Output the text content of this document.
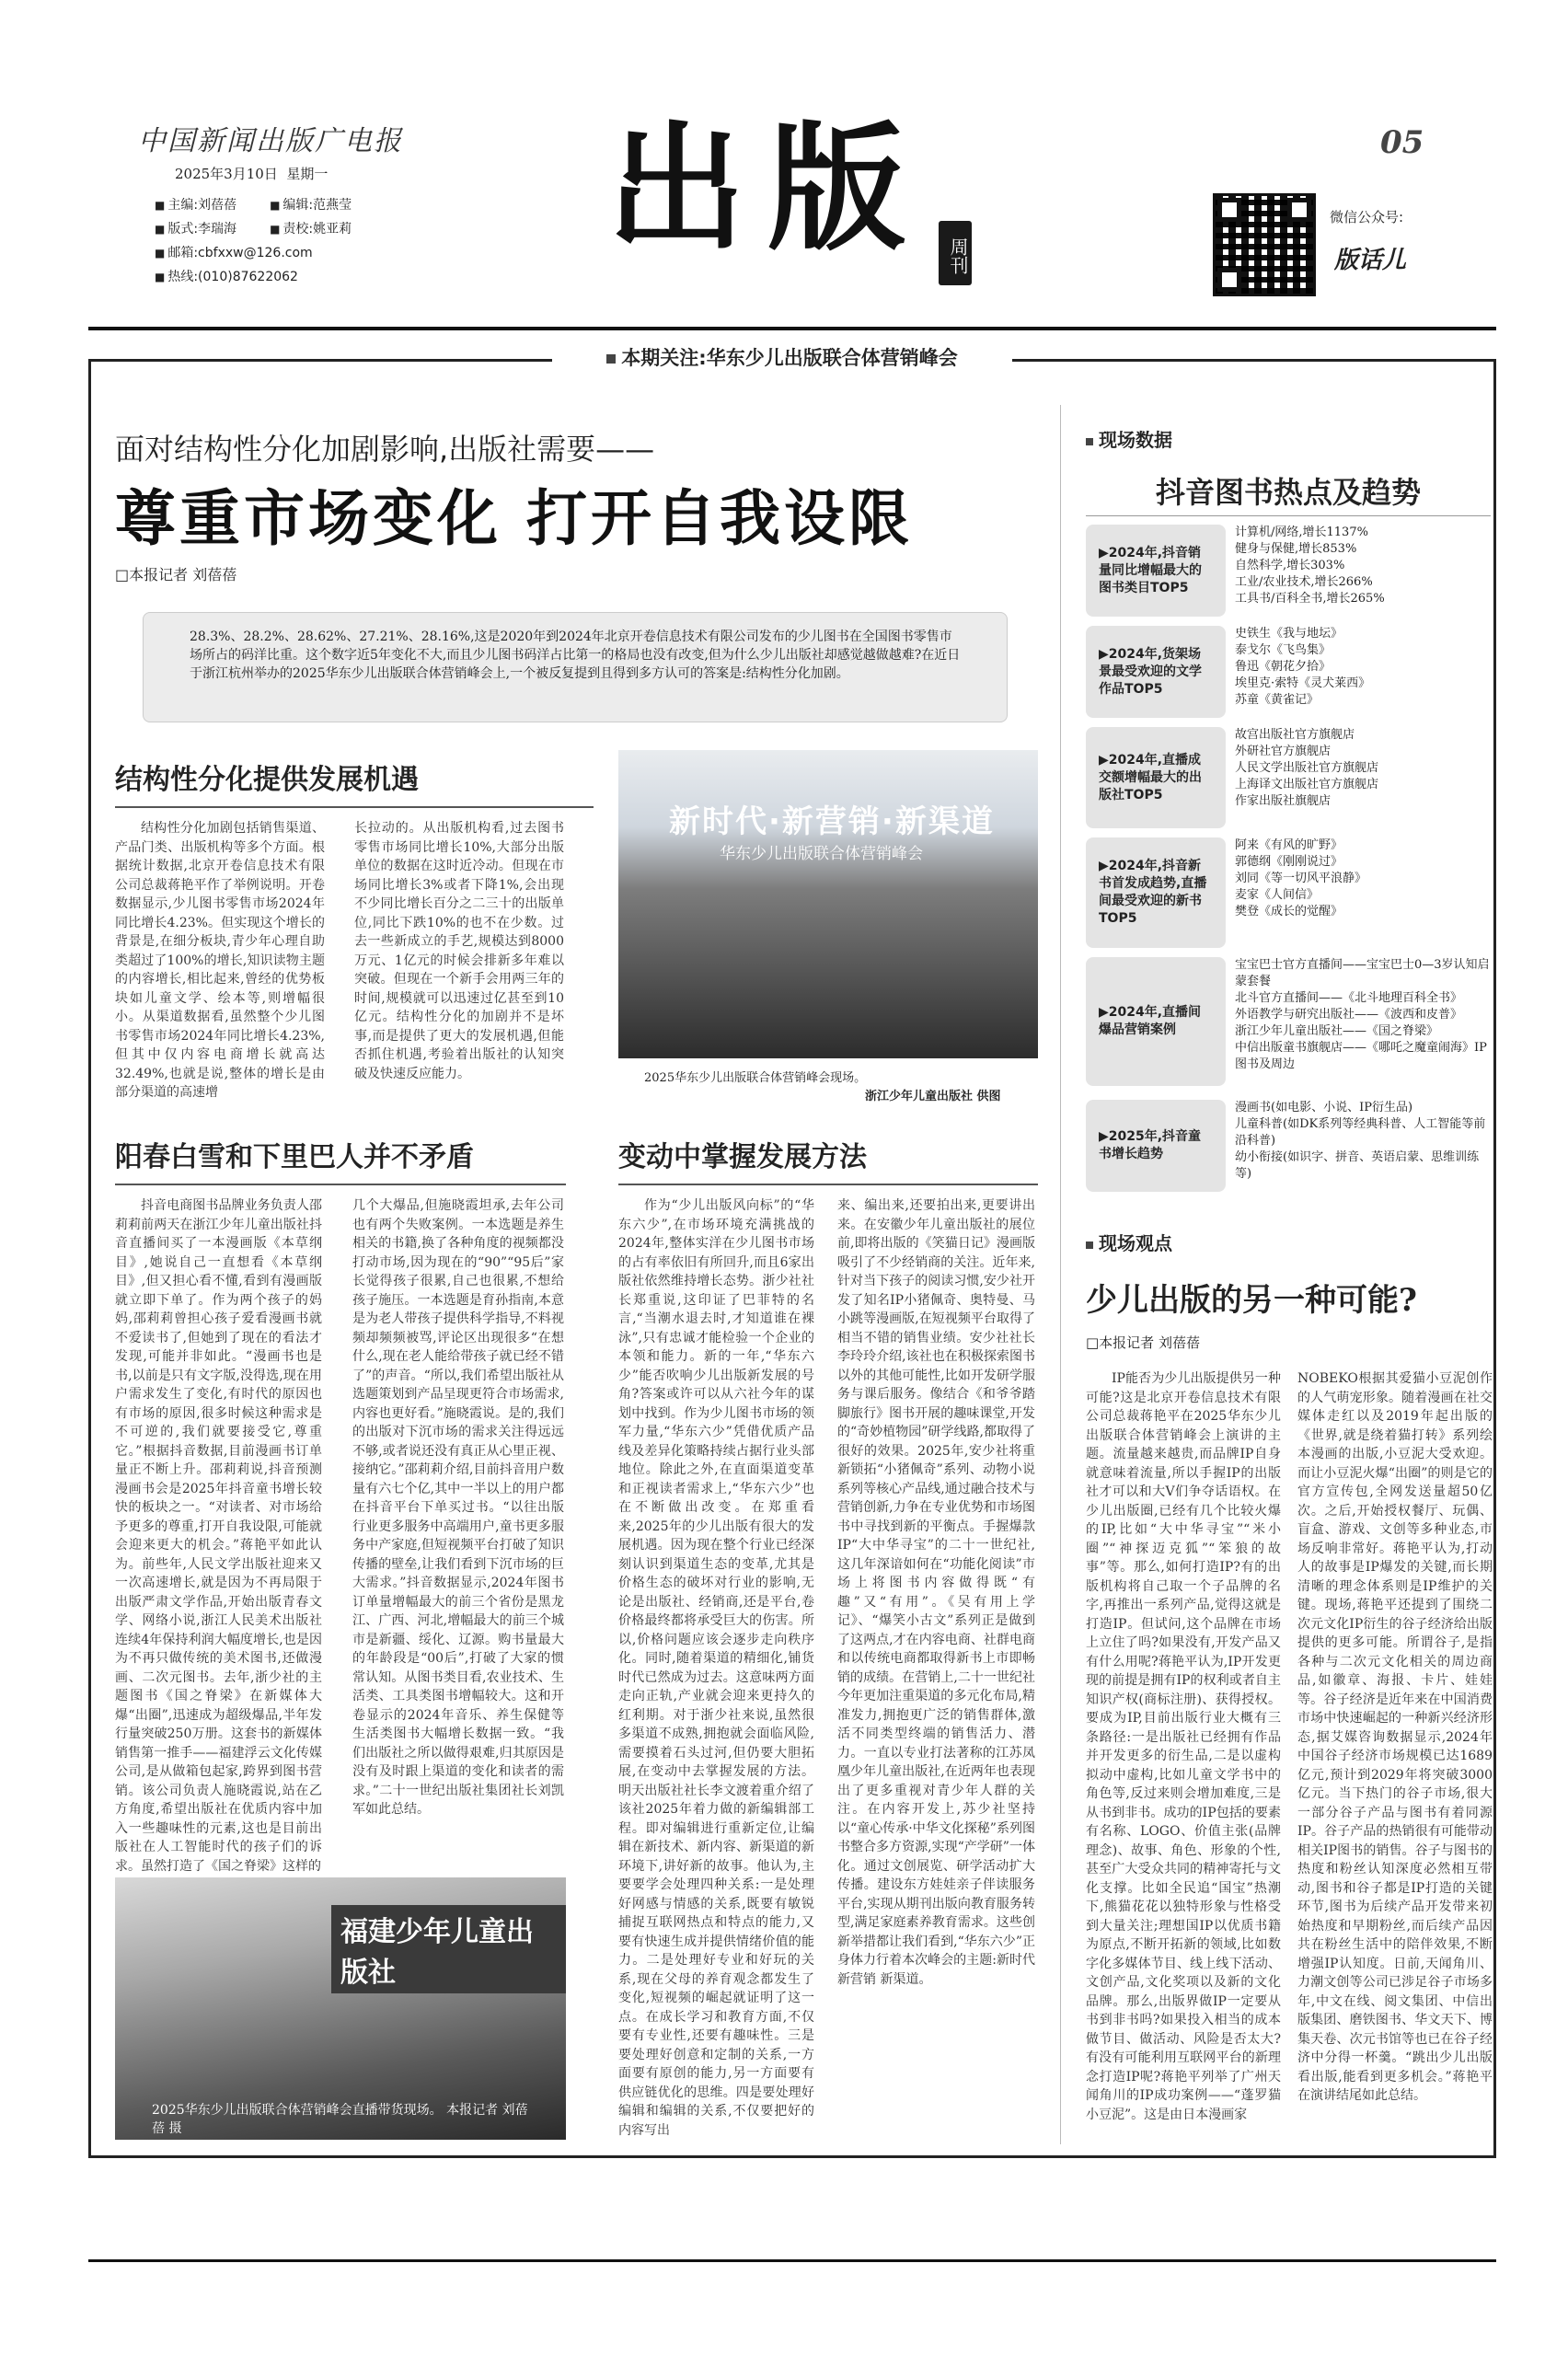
中国新闻出版广电报
2025年3月10日 星期一
■ 主编:刘蓓蓓	■ 编辑:范燕莹
■ 版式:李瑞海	■ 责校:姚亚莉
■ 邮箱:cbfxxw@126.com
■ 热线:(010)87622062
出版	周刊
05
微信公众号:
版话儿
本期关注:华东少儿出版联合体营销峰会
面对结构性分化加剧影响,出版社需要——
尊重市场变化 打开自我设限
□本报记者 刘蓓蓓
28.3%、28.2%、28.62%、27.21%、28.16%,这是2020年到2024年北京开卷信息技术有限公司发布的少儿图书在全国图书零售市场所占的码洋比重。这个数字近5年变化不大,而且少儿图书码洋占比第一的格局也没有改变,但为什么少儿出版社却感觉越做越难?在近日于浙江杭州举办的2025华东少儿出版联合体营销峰会上,一个被反复提到且得到多方认可的答案是:结构性分化加剧。
结构性分化提供发展机遇
结构性分化加剧包括销售渠道、产品门类、出版机构等多个方面。根据统计数据,北京开卷信息技术有限公司总裁蒋艳平作了举例说明。开卷数据显示,少儿图书零售市场2024年同比增长4.23%。但实现这个增长的背景是,在细分板块,青少年心理自助类超过了100%的增长,知识读物主题的内容增长,相比起来,曾经的优势板块如儿童文学、绘本等,则增幅很小。从渠道数据看,虽然整个少儿图书零售市场2024年同比增长4.23%,但其中仅内容电商增长就高达32.49%,也就是说,整体的增长是由部分渠道的高速增
长拉动的。从出版机构看,过去图书零售市场同比增长10%,大部分出版单位的数据在这时近冷动。但现在市场同比增长3%或者下降1%,会出现不少同比增长百分之二三十的出版单位,同比下跌10%的也不在少数。过去一些新成立的手艺,规模达到8000万元、1亿元的时候会排新多年难以突破。但现在一个新手会用两三年的时间,规模就可以迅速过亿甚至到10亿元。结构性分化的加剧并不是坏事,而是提供了更大的发展机遇,但能否抓住机遇,考验着出版社的认知突破及快速反应能力。
新时代·新营销·新渠道
华东少儿出版联合体营销峰会
2025华东少儿出版联合体营销峰会现场。
浙江少年儿童出版社 供图
阳春白雪和下里巴人并不矛盾
抖音电商图书品牌业务负责人邵莉莉前两天在浙江少年儿童出版社抖音直播间买了一本漫画版《本草纲目》,她说自己一直想看《本草纲目》,但又担心看不懂,看到有漫画版就立即下单了。作为两个孩子的妈妈,邵莉莉曾担心孩子爱看漫画书就不爱读书了,但她到了现在的看法才发现,可能并非如此。“漫画书也是书,以前是只有文字版,没得选,现在用户需求发生了变化,有时代的原因也有市场的原因,很多时候这种需求是不可逆的,我们就要接受它,尊重它。”根据抖音数据,目前漫画书订单量正不断上升。邵莉莉说,抖音预测漫画书会是2025年抖音童书增长较快的板块之一。“对读者、对市场给予更多的尊重,打开自我设限,可能就会迎来更大的机会。”蒋艳平如此认为。前些年,人民文学出版社迎来又一次高速增长,就是因为不再局限于出版严肃文学作品,开始出版青春文学、网络小说,浙江人民美术出版社连续4年保持利润大幅度增长,也是因为不再只做传统的美术图书,还做漫画、二次元图书。去年,浙少社的主题图书《国之脊梁》在新媒体大爆“出圈”,迅速成为超级爆品,半年发行量突破250万册。这套书的新媒体销售第一推手——福建浮云文化传媒公司,是从做箱包起家,跨界到图书营销。该公司负责人施晓霞说,站在乙方角度,希望出版社在优质内容中加入一些趣味性的元素,这也是目前出版社在人工智能时代的孩子们的诉求。虽然打造了《国之脊梁》这样的
几个大爆品,但施晓霞坦承,去年公司也有两个失败案例。一本选题是养生相关的书籍,换了各种角度的视频都没打动市场,因为现在的“90”“95后”家长觉得孩子很累,自己也很累,不想给孩子施压。一本选题是育孙指南,本意是为老人带孩子提供科学指导,不料视频却频频被骂,评论区出现很多“在想什么,现在老人能给带孩子就已经不错了”的声音。“所以,我们希望出版社从选题策划到产品呈现更符合市场需求,内容也更好看。”施晓霞说。是的,我们的出版对下沉市场的需求关注得远远不够,或者说还没有真正从心里正视、接纳它。”邵莉莉介绍,目前抖音用户数量有六七个亿,其中一半以上的用户都在抖音平台下单买过书。“以往出版行业更多服务中高端用户,童书更多服务中产家庭,但短视频平台打破了知识传播的壁垒,让我们看到下沉市场的巨大需求。”抖音数据显示,2024年图书订单量增幅最大的前三个省份是黑龙江、广西、河北,增幅最大的前三个城市是新疆、绥化、辽源。购书量最大的年龄段是“00后”,打破了大家的惯常认知。从图书类目看,农业技术、生活类、工具类图书增幅较大。这和开卷显示的2024年音乐、养生保健等生活类图书大幅增长数据一致。“我们出版社之所以做得艰难,归其原因是没有及时跟上渠道的变化和读者的需求。”二十一世纪出版社集团社长刘凯军如此总结。
福建少年儿童出版社
2025华东少儿出版联合体营销峰会直播带货现场。 本报记者 刘蓓蓓 摄
变动中掌握发展方法
作为“少儿出版风向标”的“华东六少”,在市场环境充满挑战的2024年,整体实洋在少儿图书市场的占有率依旧有所回升,而且6家出版社依然维持增长态势。浙少社社长郑重说,这印证了巴菲特的名言,“当潮水退去时,才知道谁在裸泳”,只有忠诚才能检验一个企业的本领和能力。新的一年,“华东六少”能否吹响少儿出版新发展的号角?答案或许可以从六社今年的谋划中找到。作为少儿图书市场的领军力量,“华东六少”凭借优质产品线及差异化策略持续占据行业头部地位。除此之外,在直面渠道变革和正视读者需求上,“华东六少”也在不断做出改变。在郑重看来,2025年的少儿出版有很大的发展机遇。因为现在整个行业已经深刻认识到渠道生态的变革,尤其是价格生态的破坏对行业的影响,无论是出版社、经销商,还是平台,卷价格最终都将承受巨大的伤害。所以,价格问题应该会逐步走向秩序化。同时,随着渠道的精细化,铺货时代已然成为过去。这意味两方面走向正轨,产业就会迎来更持久的红利期。对于浙少社来说,虽然很多渠道不成熟,拥抱就会面临风险,需要摸着石头过河,但仍要大胆拓展,在变动中去掌握发展的方法。明天出版社社长李文渡着重介绍了该社2025年着力做的新编辑部工程。即对编辑进行重新定位,让编辑在新技术、新内容、新渠道的新环境下,讲好新的故事。他认为,主要要学会处理四种关系:一是处理好网感与情感的关系,既要有敏锐捕捉互联网热点和特点的能力,又要有快速生成并提供情绪价值的能力。二是处理好专业和好玩的关系,现在父母的养育观念都发生了变化,短视频的崛起就证明了这一点。在成长学习和教育方面,不仅要有专业性,还要有趣味性。三是要处理好创意和定制的关系,一方面要有原创的能力,另一方面要有供应链优化的思维。四是要处理好编辑和编辑的关系,不仅要把好的内容写出
来、编出来,还要拍出来,更要讲出来。在安徽少年儿童出版社的展位前,即将出版的《笑猫日记》漫画版吸引了不少经销商的关注。近年来,针对当下孩子的阅读习惯,安少社开发了知名IP小猪佩奇、奥特曼、马小跳等漫画版,在短视频平台取得了相当不错的销售业绩。安少社社长李玲玲介绍,该社也在积极探索图书以外的其他可能性,比如开发研学服务与课后服务。像结合《和爷爷踏脚旅行》图书开展的趣味课堂,开发的“奇妙植物园”研学线路,都取得了很好的效果。2025年,安少社将重新锁拓“小猪佩奇”系列、动物小说系列等核心产品线,通过融合技术与营销创新,力争在专业优势和市场图书中寻找到新的平衡点。手握爆款IP“大中华寻宝”的二十一世纪社,这几年深谙如何在“功能化阅读”市场上将图书内容做得既“有趣”又“有用”。《吴有用上学记》、“爆笑小古文”系列正是做到了这两点,才在内容电商、社群电商和以传统电商都取得新书上市即畅销的成绩。在营销上,二十一世纪社今年更加注重渠道的多元化布局,精准发力,拥抱更广泛的销售群体,激活不同类型终端的销售活力、潜力。一直以专业打法著称的江苏凤凰少年儿童出版社,在近两年也表现出了更多重视对青少年人群的关注。在内容开发上,苏少社坚持以“童心传承·中华文化探秘”系列图书整合多方资源,实现“产学研”一体化。通过文创展览、研学活动扩大传播。建设东方娃娃亲子伴读服务平台,实现从期刊出版向教育服务转型,满足家庭素养教育需求。这些创新举措都让我们看到,“华东六少”正身体力行着本次峰会的主题:新时代新营销 新渠道。
现场数据
抖音图书热点及趋势
▶2024年,抖音销量同比增幅最大的图书类目TOP5
计算机/网络,增长1137%
健身与保健,增长853%
自然科学,增长303%
工业/农业技术,增长266%
工具书/百科全书,增长265%
▶2024年,货架场景最受欢迎的文学作品TOP5
史铁生《我与地坛》
泰戈尔《飞鸟集》
鲁迅《朝花夕拾》
埃里克·索特《灵犬莱西》
苏童《黄雀记》
▶2024年,直播成交额增幅最大的出版社TOP5
故宫出版社官方旗舰店
外研社官方旗舰店
人民文学出版社官方旗舰店
上海译文出版社官方旗舰店
作家出版社旗舰店
▶2024年,抖音新书首发成趋势,直播间最受欢迎的新书TOP5
阿来《有风的旷野》
郭德纲《刚刚说过》
刘同《等一切风平浪静》
麦家《人间信》
樊登《成长的觉醒》
▶2024年,直播间爆品营销案例
宝宝巴士官方直播间——宝宝巴士0—3岁认知启蒙套餐
北斗官方直播间——《北斗地理百科全书》
外语教学与研究出版社——《波西和皮普》
浙江少年儿童出版社——《国之脊梁》
中信出版童书旗舰店——《哪吒之魔童闹海》IP图书及周边
▶2025年,抖音童书增长趋势
漫画书(如电影、小说、IP衍生品)
儿童科普(如DK系列等经典科普、人工智能等前沿科普)
幼小衔接(如识字、拼音、英语启蒙、思维训练等)
现场观点
少儿出版的另一种可能?
□本报记者 刘蓓蓓
IP能否为少儿出版提供另一种可能?这是北京开卷信息技术有限公司总裁蒋艳平在2025华东少儿出版联合体营销峰会上演讲的主题。流量越来越贵,而品牌IP自身就意味着流量,所以手握IP的出版社才可以和大V们争夺话语权。在少儿出版圈,已经有几个比较火爆的IP,比如“大中华寻宝”“米小圈”“神探迈克狐”“笨狼的故事”等。那么,如何打造IP?有的出版机构将自己取一个子品牌的名字,再推出一系列产品,觉得这就是打造IP。但试问,这个品牌在市场上立住了吗?如果没有,开发产品又有什么用呢?蒋艳平认为,IP开发更现的前提是拥有IP的权利或者自主知识产权(商标注册)、获得授权。要成为IP,目前出版行业大概有三条路径:一是出版社已经拥有作品并开发更多的衍生品,二是以虚构拟动中虚构,比如儿童文学书中的角色等,反过来则会增加难度,三是从书到非书。成功的IP包括的要素有名称、LOGO、价值主张(品牌理念)、故事、角色、形象的个性,甚至广大受众共同的精神寄托与文化支撑。比如全民追“国宝”热潮下,熊猫花花以独特形象与性格受到大量关注;理想国IP以优质书籍为原点,不断开拓新的领域,比如数字化多媒体节目、线上线下活动、文创产品,文化奖项以及新的文化品牌。那么,出版界做IP一定要从书到非书吗?如果投入相当的成本做节目、做活动、风险是否太大?有没有可能利用互联网平台的新理念打造IP呢?蒋艳平列举了广州天闻角川的IP成功案例——“蓬罗猫小豆泥”。这是由日本漫画家
NOBEKO根据其爱猫小豆泥创作的人气萌宠形象。随着漫画在社交媒体走红以及2019年起出版的《世界,就是绕着猫打转》系列绘本漫画的出版,小豆泥大受欢迎。而让小豆泥火爆“出圈”的则是它的官方宣传包,全网发送量超50亿次。之后,开始授权餐厅、玩偶、盲盒、游戏、文创等多种业态,市场反响非常好。蒋艳平认为,打动人的故事是IP爆发的关键,而长期清晰的理念体系则是IP维护的关键。现场,蒋艳平还提到了围绕二次元文化IP衍生的谷子经济给出版提供的更多可能。所谓谷子,是指各种与二次元文化相关的周边商品,如徽章、海报、卡片、娃娃等。谷子经济是近年来在中国消费市场中快速崛起的一种新兴经济形态,据艾媒咨询数据显示,2024年中国谷子经济市场规模已达1689亿元,预计到2029年将突破3000亿元。当下热门的谷子市场,很大一部分谷子产品与图书有着同源IP。谷子产品的热销很有可能带动相关IP图书的销售。谷子与图书的热度和粉丝认知深度必然相互带动,图书和谷子都是IP打造的关键环节,图书为后续产品开发带来初始热度和早期粉丝,而后续产品因共在粉丝生活中的陪伴效果,不断增强IP认知度。日前,天闻角川、力潮文创等公司已涉足谷子市场多年,中文在线、阅文集团、中信出版集团、磨铁图书、华文天下、博集天卷、次元书馆等也已在谷子经济中分得一杯羹。“跳出少儿出版看出版,能看到更多机会。”蒋艳平在演讲结尾如此总结。
